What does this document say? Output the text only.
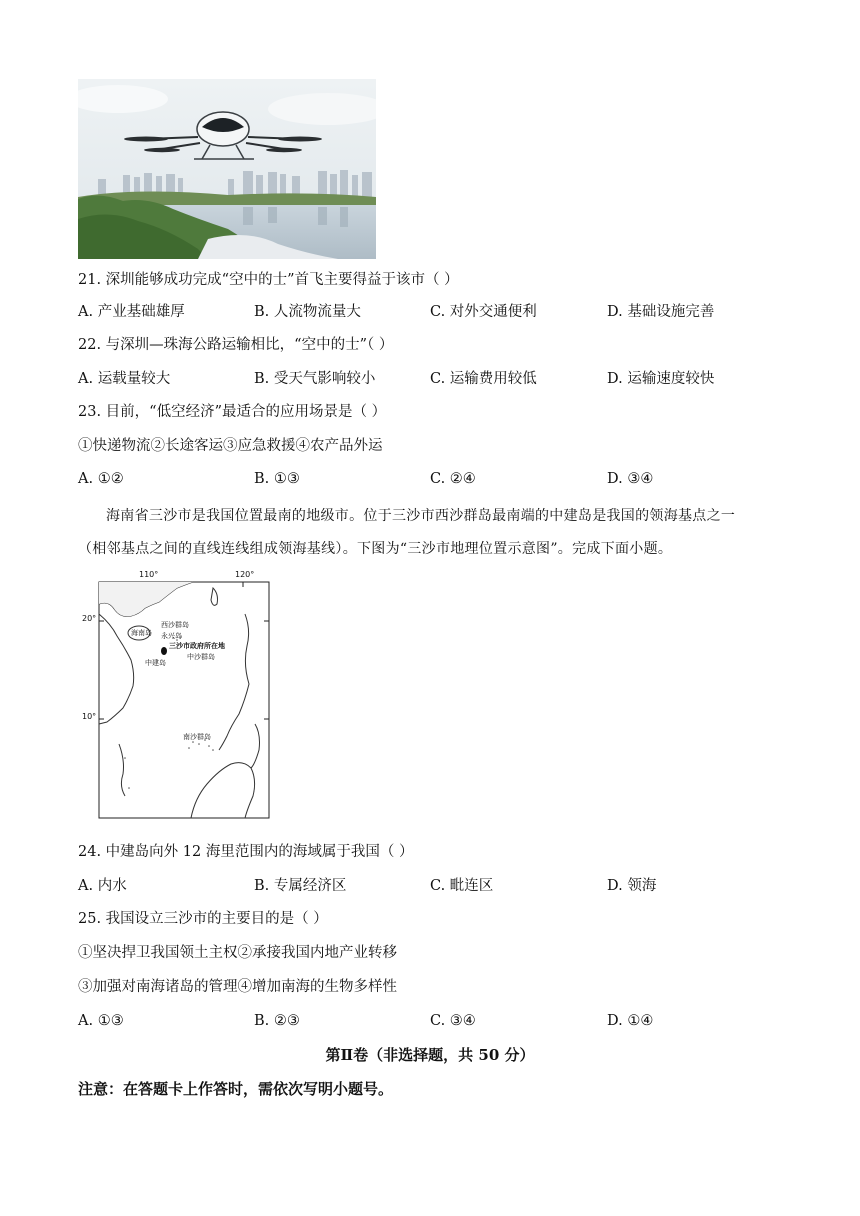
21. 深圳能够成功完成“空中的士”首飞主要得益于该市（ ）
A. 产业基础雄厚	B. 人流物流量大	C. 对外交通便利	D. 基础设施完善
22. 与深圳—珠海公路运输相比，“空中的士”（ ）
A. 运载量较大	B. 受天气影响较小	C. 运输费用较低	D. 运输速度较快
23. 目前，“低空经济”最适合的应用场景是（ ）
①快递物流②长途客运③应急救援④农产品外运
A. ①②	B. ①③	C. ②④	D. ③④
海南省三沙市是我国位置最南的地级市。位于三沙市西沙群岛最南端的中建岛是我国的领海基点之一
（相邻基点之间的直线连线组成领海基线）。下图为“三沙市地理位置示意图”。完成下面小题。
110°	120°
20°
10°
海南岛
西沙群岛
永兴岛
三沙市政府所在地
中沙群岛
中建岛
南沙群岛
24. 中建岛向外 12 海里范围内的海域属于我国（ ）
A. 内水	B. 专属经济区	C. 毗连区	D. 领海
25. 我国设立三沙市的主要目的是（ ）
①坚决捍卫我国领土主权②承接我国内地产业转移
③加强对南海诸岛的管理④增加南海的生物多样性
A. ①③	B. ②③	C. ③④	D. ①④
第Ⅱ卷（非选择题，共 50 分）
注意：在答题卡上作答时，需依次写明小题号。
